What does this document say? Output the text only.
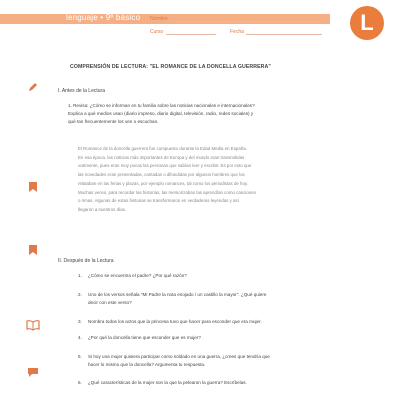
lenguaje • 9º básico Nombre
Curso	Fecha	L
COMPRENSIÓN DE LECTURA: "EL ROMANCE DE LA DONCELLA GUERRERA"
I. Antes de la Lectura
1. Revisa: ¿Cómo se informan en tu familia sobre las noticias nacionales e internacionales?
Explica a qué medios usan (diario impreso, diario digital, televisión, radio, redes sociales) y
qué tan frecuentemente los ven o escuchan.
El Romance de la doncella guerrera fue compuesto durante la Edad Media en España.
En esa época, las noticias más importantes de Europa y del mundo eran transmitidas
oralmente, pues eran muy pocas las personas que sabían leer y escribir. Es por esto que
las novedades eran presentadas, cantadas o difundidas por algunos hombres que los
relataban en las ferias y plazas, por ejemplo romances, tal como los periodistas de hoy.
Muchas veces, para recordar las historias, las memorizaban las aprendían como canciones
o rimas. Algunas de estas historias se transformaron en verdaderas leyendas y así
llegaron a nuestros días.
II. Después de la Lectura
1. ¿Cómo se encuentra el padre? ¿Por qué razón?
2. Uno de los versos señala "Mi Padre la nota enojado / un castillo la mayor". ¿Qué quiere
decir con este verso?
3. Nombra todos los actos que la princesa tuvo que hacer para esconder que era mujer.
4. ¿Por qué la doncella tiene que esconder que es mujer?
5. Si hoy una mujer quisiera participar como soldado en una guerra, ¿crees que tendría que
hacer lo mismo que la doncella? Argumenta tu respuesta.
6. ¿Qué características de la mujer son la que la pelearon la guerra? Escríbelas.
